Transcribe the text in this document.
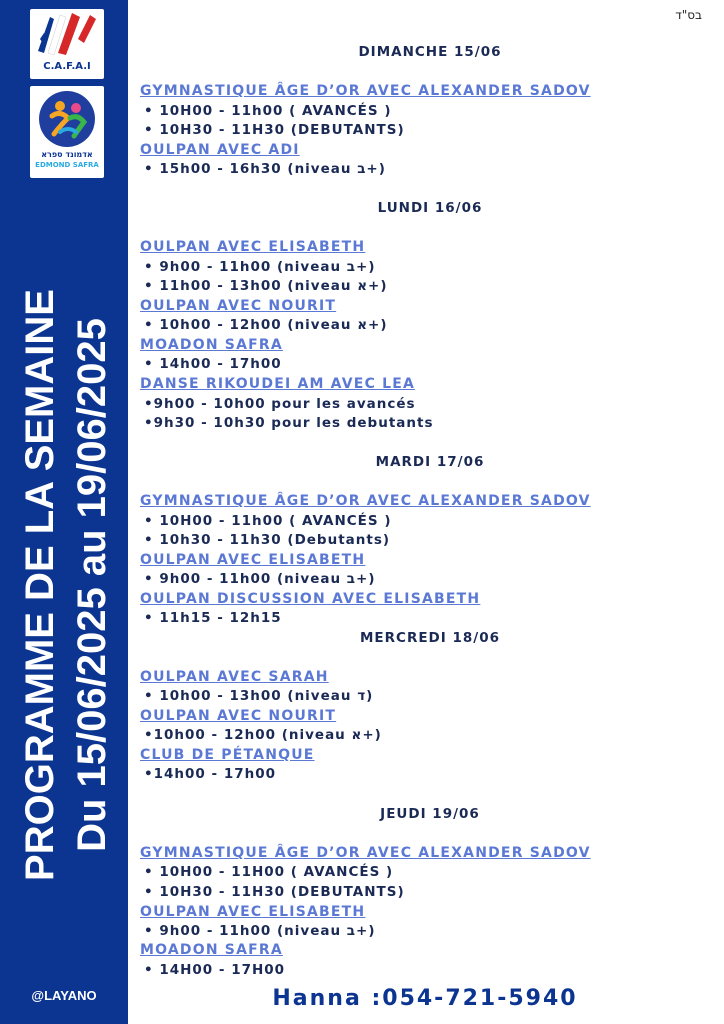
C.A.F.A.I
אדמונד ספרא
EDMOND SAFRA
PROGRAMME DE LA SEMAINE Du 15/06/2025 au 19/06/2025
@LAYANO
בס"ד
DIMANCHE 15/06
GYMNASTIQUE ÂGE D’OR AVEC ALEXANDER SADOV
• 10H00 - 11h00 ( AVANCÉS )
• 10H30 - 11H30 (DEBUTANTS)
OULPAN AVEC ADI
• 15h00 - 16h30 (niveau ב+)
LUNDI 16/06
OULPAN AVEC ELISABETH
• 9h00 - 11h00 (niveau ב+)
• 11h00 - 13h00 (niveau א+)
OULPAN AVEC NOURIT
• 10h00 - 12h00 (niveau א+)
MOADON SAFRA
• 14h00 - 17h00
DANSE RIKOUDEI AM AVEC LEA
•9h00 - 10h00 pour les avancés
•9h30 - 10h30 pour les debutants
MARDI 17/06
GYMNASTIQUE ÂGE D’OR AVEC ALEXANDER SADOV
• 10H00 - 11h00 ( AVANCÉS )
• 10h30 - 11h30 (Debutants)
OULPAN AVEC ELISABETH
• 9h00 - 11h00 (niveau ב+)
OULPAN DISCUSSION AVEC ELISABETH
• 11h15 - 12h15
MERCREDI 18/06
OULPAN AVEC SARAH
• 10h00 - 13h00 (niveau ד)
OULPAN AVEC NOURIT
•10h00 - 12h00 (niveau א+)
CLUB DE PÉTANQUE
•14h00 - 17h00
JEUDI 19/06
GYMNASTIQUE ÂGE D’OR AVEC ALEXANDER SADOV
• 10H00 - 11H00 ( AVANCÉS )
• 10H30 - 11H30 (DEBUTANTS)
OULPAN AVEC ELISABETH
• 9h00 - 11h00 (niveau ב+)
MOADON SAFRA
• 14H00 - 17H00
Hanna :054-721-5940
